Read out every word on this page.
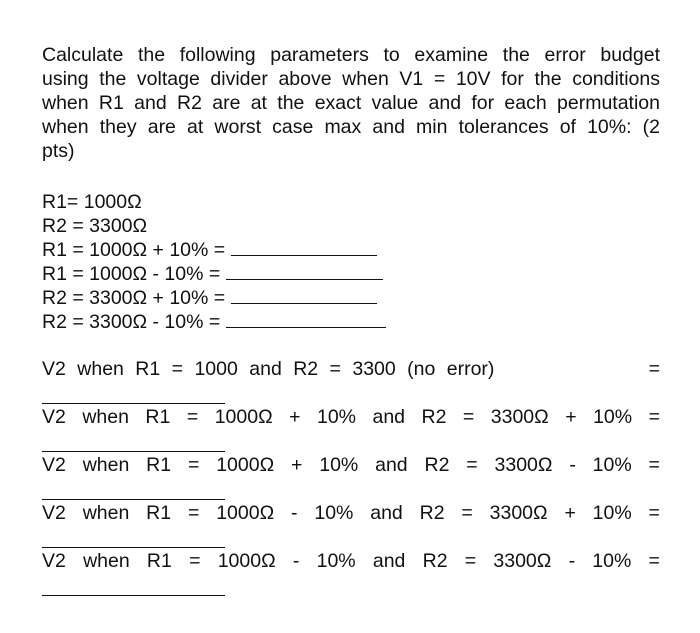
Calculate the following parameters to examine the error budget
using the voltage divider above when V1 = 10V for the conditions
when R1 and R2 are at the exact value and for each permutation
when they are at worst case max and min tolerances of 10%: (2
pts)
R1= 1000Ω
R2 = 3300Ω
R1 = 1000Ω + 10% =
R1 = 1000Ω - 10% =
R2 = 3300Ω + 10% =
R2 = 3300Ω - 10% =
V2 when R1 = 1000 and R2 = 3300 (no error)	=
V2 when R1 = 1000Ω + 10% and R2 = 3300Ω + 10% =
V2 when R1 = 1000Ω + 10% and R2 = 3300Ω - 10% =
V2 when R1 = 1000Ω - 10% and R2 = 3300Ω + 10% =
V2 when R1 = 1000Ω - 10% and R2 = 3300Ω - 10% =
